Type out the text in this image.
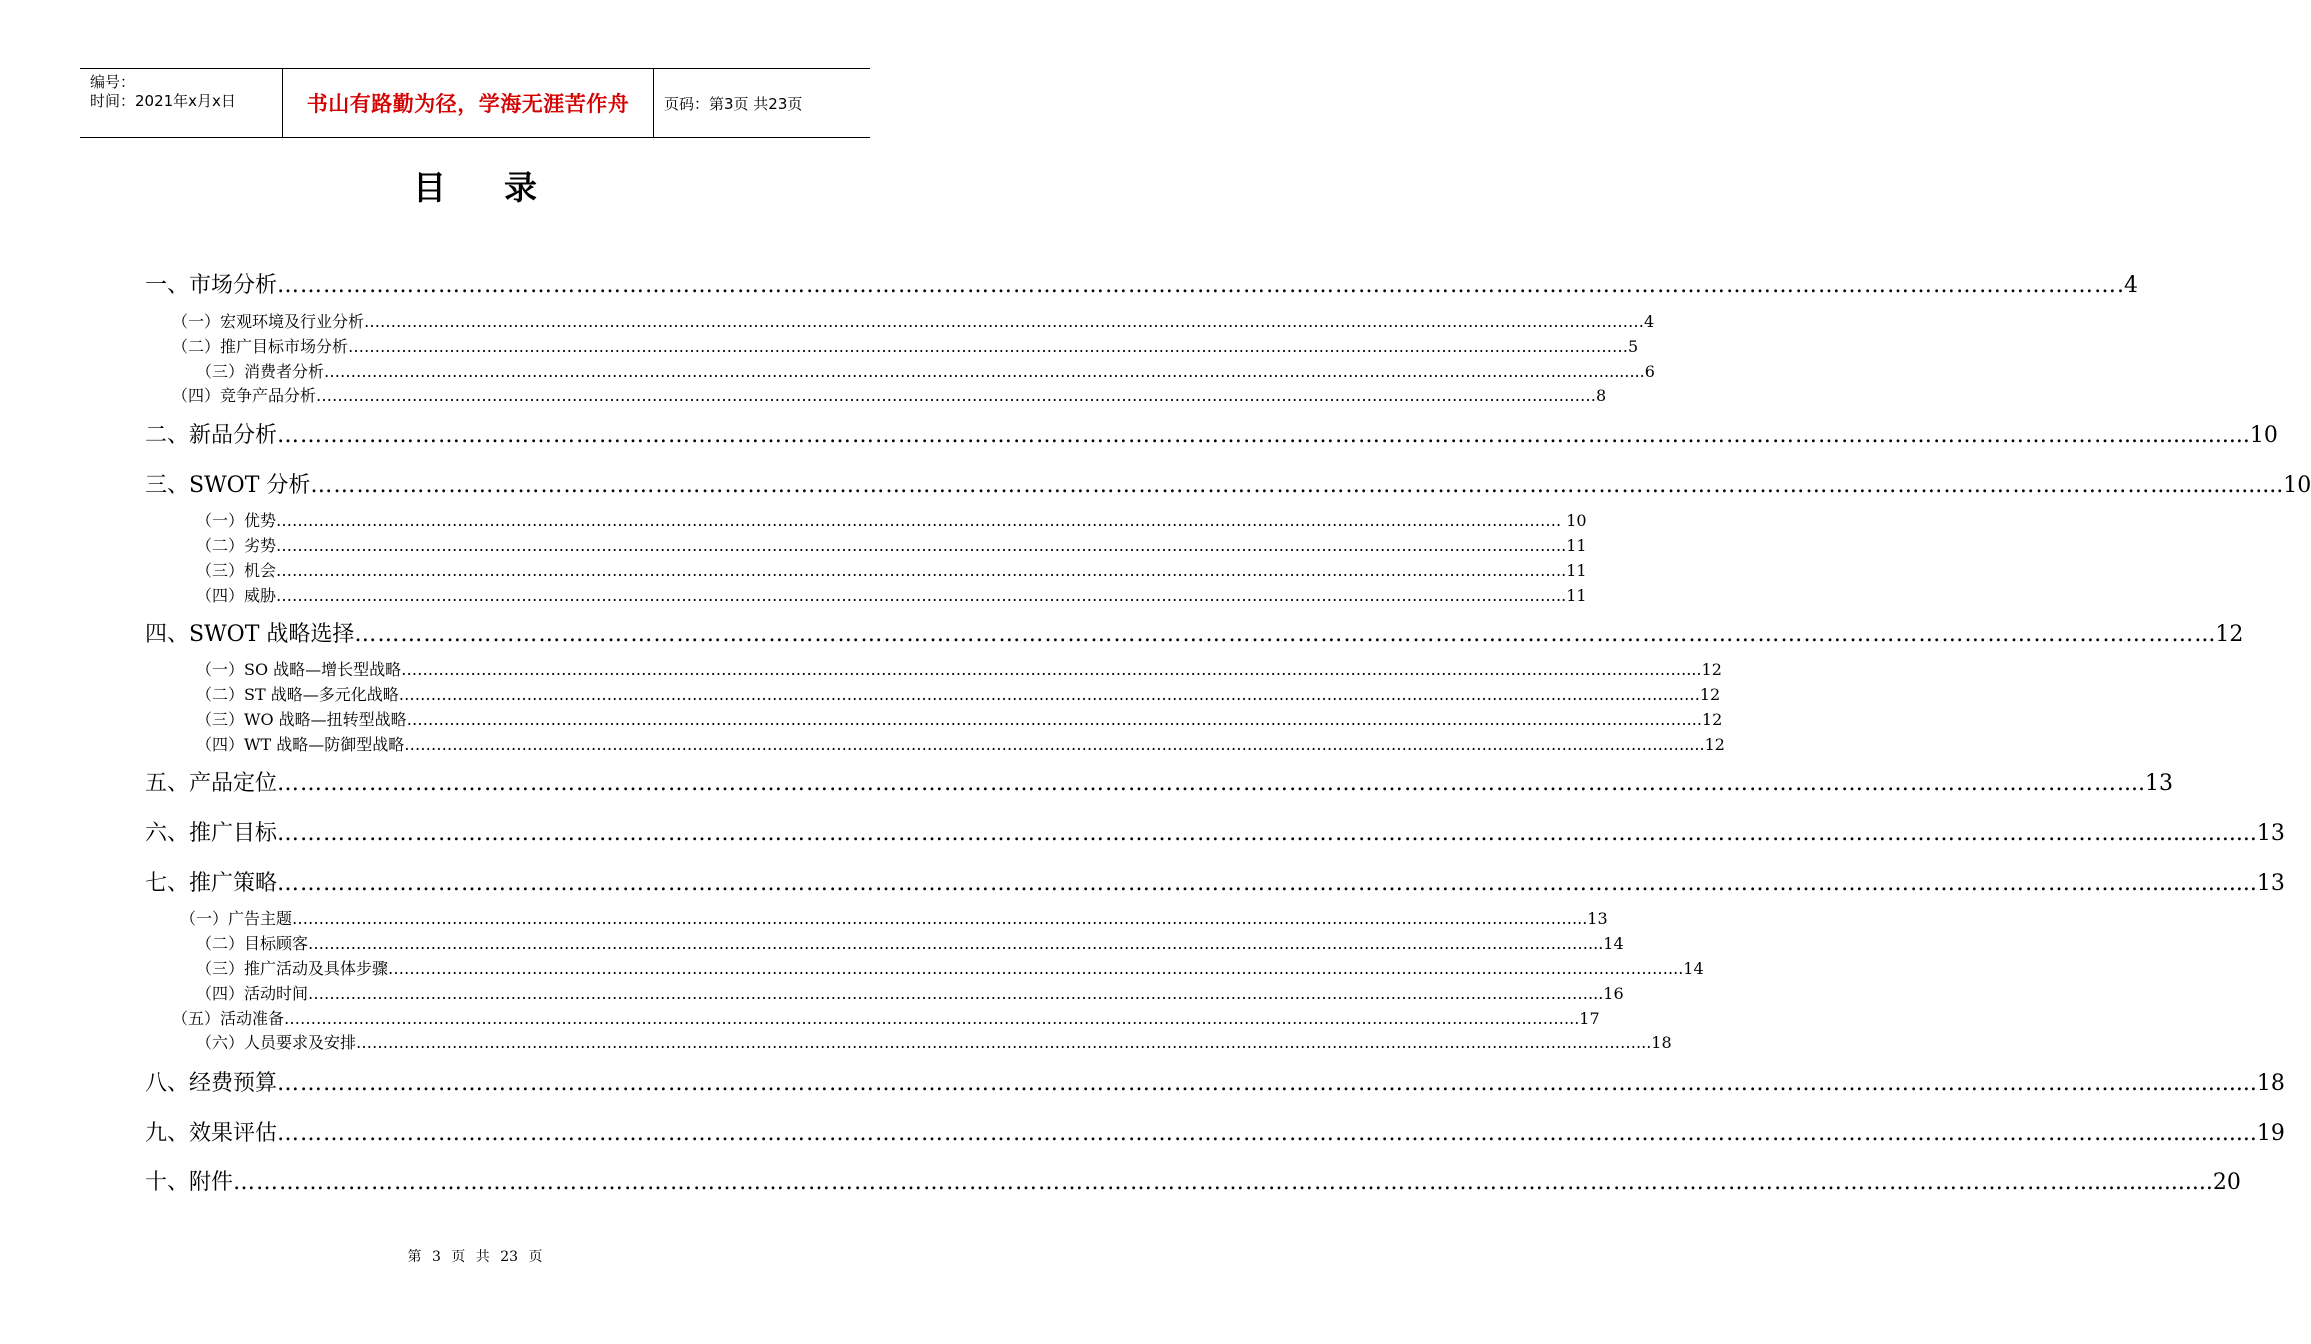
编号：
时间：2021年x月x日	书山有路勤为径，学海无涯苦作舟 页码：第3页 共23页
目 录
一、市场分析 …………………………………………………………………………………………………………………………………………………………………………………………………………………… .4
（一）宏观环境及行业分析 …………………………………………………………………………………………………………………………………………………………………………………………………………………… 4
（二）推广目标市场分析 …………………………………………………………………………………………………………………………………………………………………………………………………………………… 5
（三）消费者分析 …………………………………………………………………………………………………………………………………………………………………………………………………………………… ........6
（四）竞争产品分析 …………………………………………………………………………………………………………………………………………………………………………………………………………………… 8
二、新品分析 …………………………………………………………………………………………………………………………………………………………………………………………………………………… ...................10
三、SWOT 分析 …………………………………………………………………………………………………………………………………………………………………………………………………………………… ...................10
（一）优势 …………………………………………………………………………………………………………………………………………………………………………………………………………………… . 10
（二）劣势 …………………………………………………………………………………………………………………………………………………………………………………………………………………… ..11
（三）机会 …………………………………………………………………………………………………………………………………………………………………………………………………………………… ..11
（四）威胁 …………………………………………………………………………………………………………………………………………………………………………………………………………………… ..11
四、SWOT 战略选择 …………………………………………………………………………………………………………………………………………………………………………………………………………………… ...12
（一）SO 战略—增长型战略 …………………………………………………………………………………………………………………………………………………………………………………………………………………… ....12
（二）ST 战略—多元化战略 …………………………………………………………………………………………………………………………………………………………………………………………………………………… ….12
（三）WO 战略—扭转型战略 …………………………………………………………………………………………………………………………………………………………………………………………………………………… ...12
（四）WT 战略—防御型战略 …………………………………………………………………………………………………………………………………………………………………………………………………………………… ....12
五、产品定位 …………………………………………………………………………………………………………………………………………………………………………………………………………………… ....13
六、推广目标 …………………………………………………………………………………………………………………………………………………………………………………………………………………… ....................13
七、推广策略 …………………………………………………………………………………………………………………………………………………………………………………………………………………… ....................13
（一）广告主题 …………………………………………………………………………………………………………………………………………………………………………………………………………………… ...13
（二）目标顾客 …………………………………………………………………………………………………………………………………………………………………………………………………………………… ...14
（三）推广活动及具体步骤 …………………………………………………………………………………………………………………………………………………………………………………………………………………… ...14
（四）活动时间 …………………………………………………………………………………………………………………………………………………………………………………………………………………… ...16
（五）活动准备 …………………………………………………………………………………………………………………………………………………………………………………………………………………… ...17
（六）人员要求及安排 …………………………………………………………………………………………………………………………………………………………………………………………………………………… ...18
八、经费预算 …………………………………………………………………………………………………………………………………………………………………………………………………………………… ....................18
九、效果评估 …………………………………………………………………………………………………………………………………………………………………………………………………………………… ....................19
十、附件 …………………………………………………………………………………………………………………………………………………………………………………………………………………… ....................20
第 3 页 共 23 页
